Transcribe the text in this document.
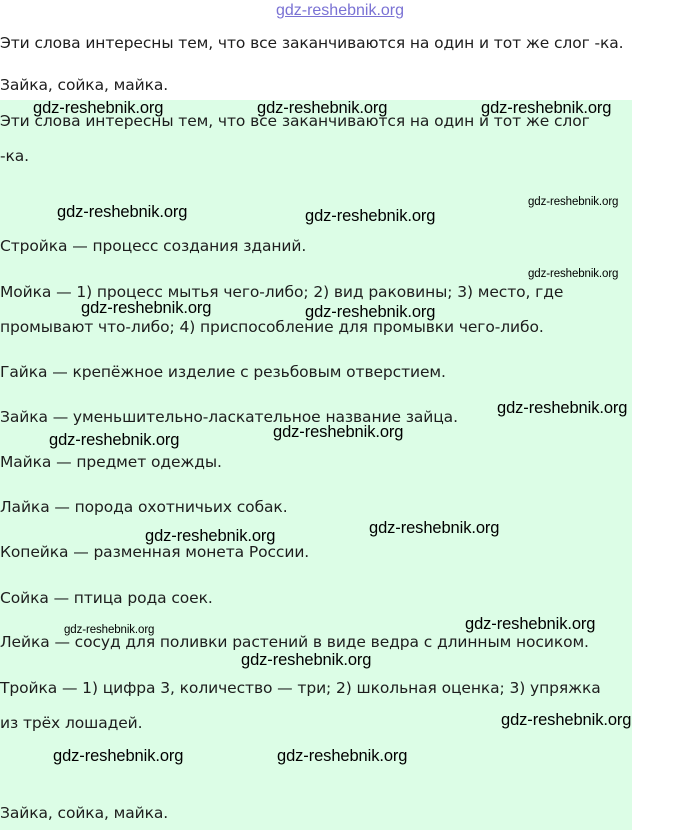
gdz-reshebnik.org
Эти слова интересны тем, что все заканчиваются на один и тот же слог -ка.
Зайка, сойка, майка.
Эти слова интересны тем, что все заканчиваются на один и тот же слог
-ка.
Стройка — процесс создания зданий.
Мойка — 1) процесс мытья чего-либо; 2) вид раковины; 3) место, где
промывают что-либо; 4) приспособление для промывки чего-либо.
Гайка — крепёжное изделие с резьбовым отверстием.
Зайка — уменьшительно-ласкательное название зайца.
Майка — предмет одежды.
Лайка — порода охотничьих собак.
Копейка — разменная монета России.
Сойка — птица рода соек.
Лейка — сосуд для поливки растений в виде ведра с длинным носиком.
Тройка — 1) цифра 3, количество — три; 2) школьная оценка; 3) упряжка
из трёх лошадей.
Зайка, сойка, майка.
gdz-reshebnik.org	gdz-reshebnik.org	gdz-reshebnik.org
gdz-reshebnik.org
gdz-reshebnik.org	gdz-reshebnik.org
gdz-reshebnik.org
gdz-reshebnik.org	gdz-reshebnik.org
gdz-reshebnik.org
gdz-reshebnik.org
gdz-reshebnik.org
gdz-reshebnik.org
gdz-reshebnik.org
gdz-reshebnik.org
gdz-reshebnik.org
gdz-reshebnik.org
gdz-reshebnik.org
gdz-reshebnik.org	gdz-reshebnik.org
